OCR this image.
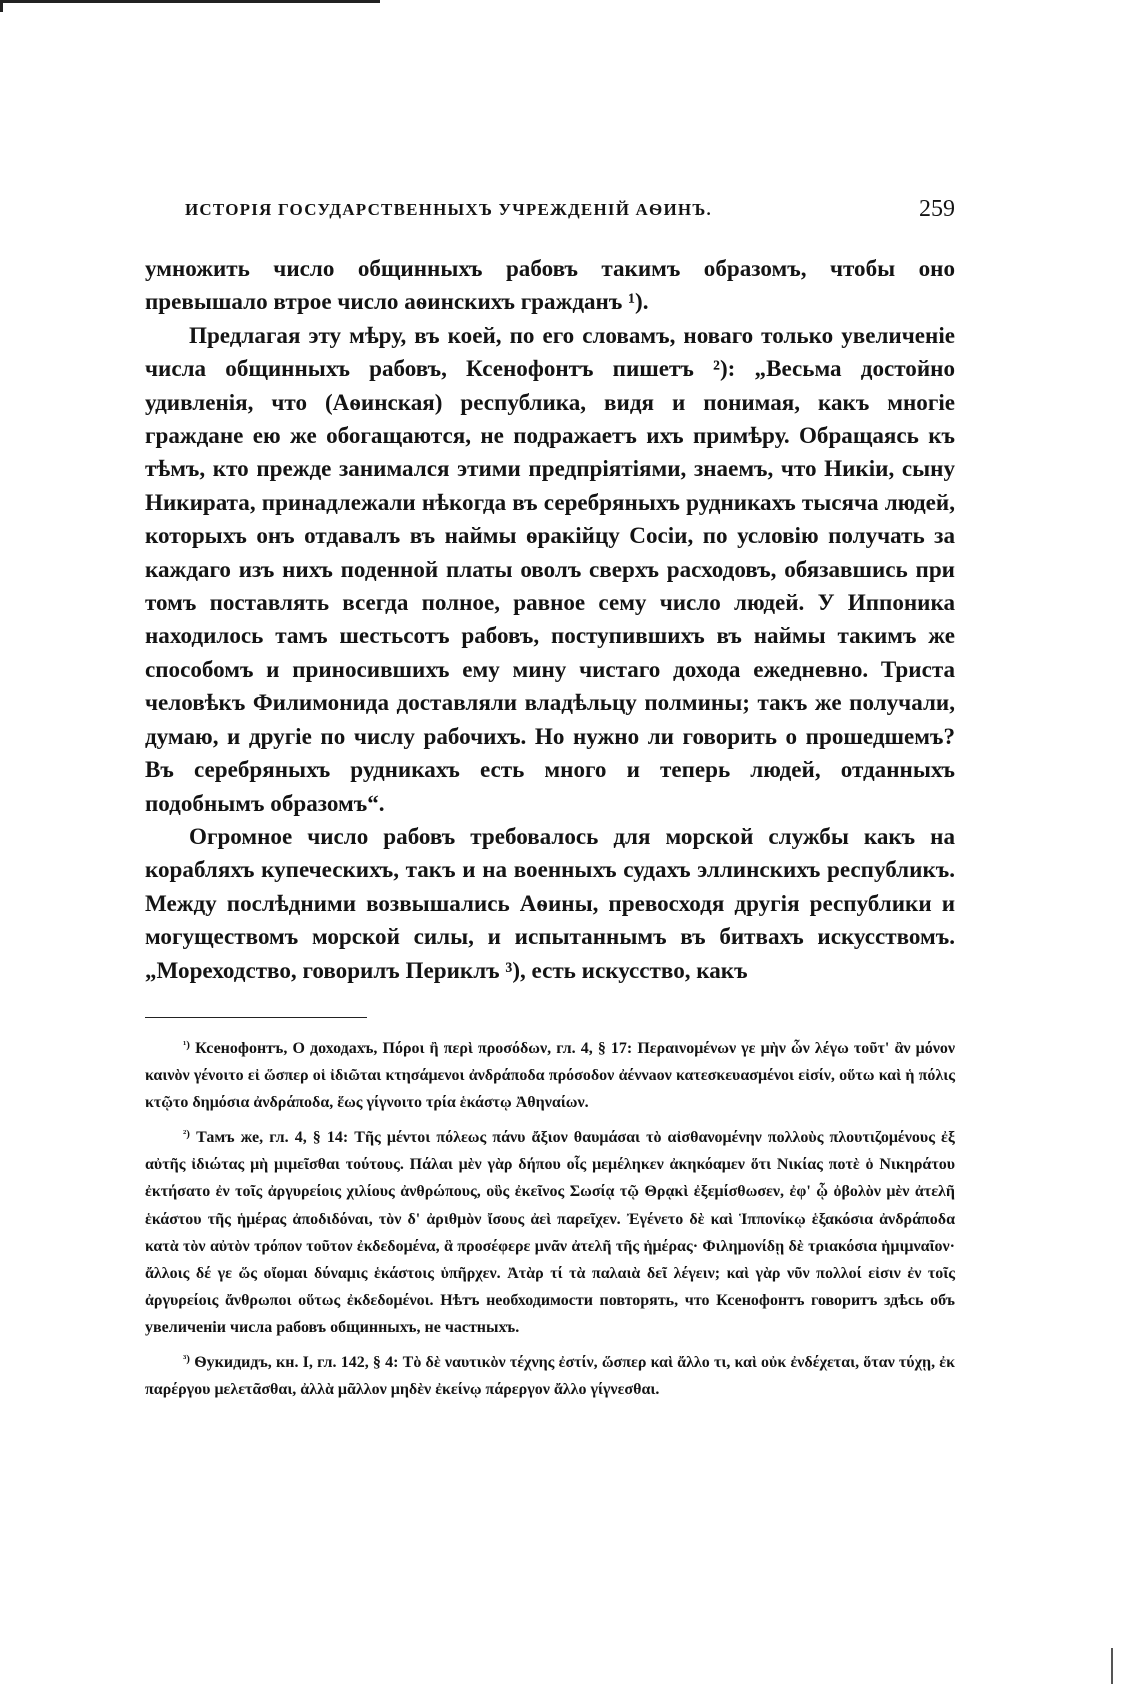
ИСТОРІЯ ГОСУДАРСТВЕННЫХЪ УЧРЕЖДЕНІЙ АѲИНЪ.	259

умножить число общинныхъ рабовъ такимъ образомъ, чтобы оно превышало втрое число аѳинскихъ гражданъ ¹).

Предлагая эту мѣру, въ коей, по его словамъ, новаго только увеличеніе числа общинныхъ рабовъ, Ксенофонтъ пишетъ ²): „Весьма достойно удивленія, что (Аѳинская) республика, видя и понимая, какъ многіе граждане ею же обогащаются, не подражаетъ ихъ примѣру. Обращаясь къ тѣмъ, кто прежде занимался этими предпріятіями, знаемъ, что Никіи, сыну Никирата, принадлежали нѣкогда въ серебряныхъ рудникахъ тысяча людей, которыхъ онъ отдавалъ въ наймы ѳракійцу Сосіи, по условію получать за каждаго изъ нихъ поденной платы оволъ сверхъ расходовъ, обязавшись при томъ поставлять всегда полное, равное сему число людей. У Иппоника находилось тамъ шестьсотъ рабовъ, поступившихъ въ наймы такимъ же способомъ и приносившихъ ему мину чистаго дохода ежедневно. Триста человѣкъ Филимонида доставляли владѣльцу полмины; такъ же получали, думаю, и другіе по числу рабочихъ. Но нужно ли говорить о прошедшемъ? Въ серебряныхъ рудникахъ есть много и теперь людей, отданныхъ подобнымъ образомъ“.

Огромное число рабовъ требовалось для морской службы какъ на корабляхъ купеческихъ, такъ и на военныхъ судахъ эллинскихъ республикъ. Между послѣдними возвышались Аѳины, превосходя другія республики и могуществомъ морской силы, и испытаннымъ въ битвахъ искусствомъ. „Мореходство, говорилъ Периклъ ³), есть искусство, какъ

$^{^1)}$ Ксенофонтъ, О доходахъ, Πόροι ἢ περὶ προσόδων, гл. 4, § 17: Περαινομένων γε μὴν ὧν λέγω τοῦτ' ἂν μόνον καινὸν γένοιτο εἰ ὥσπερ οἱ ἰδιῶται κτησάμενοι ἀνδράποδα πρόσοδον ἀέννаον κατεσκευασμένοι εἰσίν, οὕτω καὶ ἡ πόλις κτῷτο δημόσια ἀνδράποδα, ἕως γίγνοιτο τρία ἑκάστῳ Ἀθηναίων.

$^{^2)}$ Тамъ же, гл. 4, § 14: Τῆς μέντοι πόλεως πάνυ ἄξιον θαυμάσαι τὸ αἰσθανομένην πολλοὺς πλουτιζομένους ἐξ αὐτῆς ἰδιώτας μὴ μιμεῖσθαι τούτους. Πάλαι μὲν γὰρ δήπου οἷς μεμέληκεν ἀκηκόαμεν ὅτι Νικίας ποτὲ ὁ Νικηράτου ἐκτήσατο ἐν τοῖς ἀργυρείοις χιλίους ἀνθρώπους, οὓς ἐκεῖνος Σωσίᾳ τῷ Θρᾳκὶ ἐξεμίσθωσεν, ἐφ' ᾧ ὀβολὸν μὲν ἀτελῆ ἑκάστου τῆς ἡμέρας ἀποδιδόναι, τὸν δ' ἀριθμὸν ἴσους ἀεὶ παρεῖχεν. Ἐγένετο δὲ καὶ Ἱππονίκῳ ἑξακόσια ἀνδράποδα κατὰ τὸν αὐτὸν τρόπον τοῦτον ἐκδεδομένα, ἃ προσέφερε μνᾶν ἀτελῆ τῆς ἡμέρας· Φιλημονίδῃ δὲ τριακόσια ἡμιμναῖον· ἄλλοις δέ γε ὥς οἴομαι δύναμις ἑκάστοις ὑπῆρχεν. Ἀτὰρ τί τὰ παλαιὰ δεῖ λέγειν; καὶ γὰρ νῦν πολλοί εἰσιν ἐν τοῖς ἀργυρείοις ἄνθρωποι οὕτως ἐκδεδομένοι. Нѣтъ необходимости повторять, что Ксенофонтъ говоритъ здѣсь объ увеличеніи числа рабовъ общинныхъ, не частныхъ.

$^{^3)}$ Ѳукидидъ, кн. I, гл. 142, § 4: Τὸ δὲ ναυτικὸν τέχνης ἐστίν, ὥσπερ καὶ ἄλλο τι, καὶ οὐκ ἐνδέχεται, ὅταν τύχῃ, ἐκ παρέργου μελετᾶσθαι, ἀλλὰ μᾶλλον μηδὲν ἐκείνῳ πάρεργον ἄλλο γίγνεσθαι.
